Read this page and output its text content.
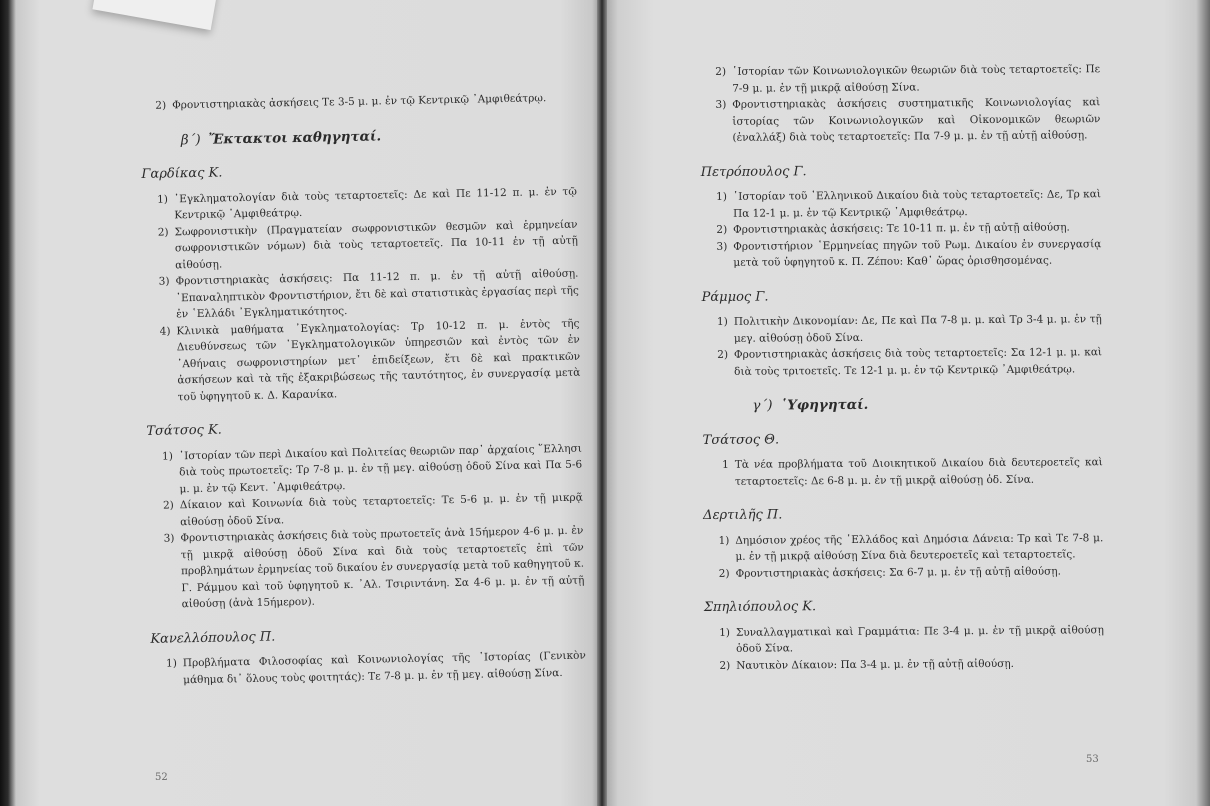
2) Φροντιστηριακὰς ἀσκήσεις Τε 3-5 μ. μ. ἐν τῷ Κεντρικῷ ᾿Αμφιθεάτρῳ.
β΄) Ἔκτακτοι καθηγηταί.
Γαρδίκας Κ.
1) ᾿Εγκληματολογίαν διὰ τοὺς τεταρτοετεῖς: Δε καὶ Πε 11-12 π. μ. ἐν τῷ Κεντρικῷ ᾿Αμφιθεάτρῳ.
2) Σωφρονιστικὴν (Πραγματείαν σωφρονιστικῶν θεσμῶν καὶ ἑρμηνείαν σωφρονιστικῶν νόμων) διὰ τοὺς τεταρτοετεῖς. Πα 10-11 ἐν τῇ αὐτῇ αἰθούσῃ.
3) Φροντιστηριακὰς ἀσκήσεις: Πα 11-12 π. μ. ἐν τῇ αὐτῇ αἰθούσῃ. ᾿Επαναληπτικὸν Φροντιστήριον, ἔτι δὲ καὶ στατιστικὰς ἐργασίας περὶ τῆς ἐν ῾Ελλάδι ᾿Εγκληματικότητος.
4) Κλινικὰ μαθήματα ᾿Εγκληματολογίας: Τρ 10-12 π. μ. ἐντὸς τῆς Διευθύνσεως τῶν ᾿Εγκληματολογικῶν ὑπηρεσιῶν καὶ ἐντὸς τῶν ἐν ᾿Αθήναις σωφρονιστηρίων μετ᾿ ἐπιδείξεων, ἔτι δὲ καὶ πρακτικῶν ἀσκήσεων καὶ τὰ τῆς ἐξακριβώσεως τῆς ταυτότητος, ἐν συνεργασίᾳ μετὰ τοῦ ὑφηγητοῦ κ. Δ. Καρανίκα.
Τσάτσος Κ.
1) ῾Ιστορίαν τῶν περὶ Δικαίου καὶ Πολιτείας θεωριῶν παρ᾿ ἀρχαίοις ῞Ελλησι διὰ τοὺς πρωτοετεῖς: Τρ 7-8 μ. μ. ἐν τῇ μεγ. αἰθούσῃ ὁδοῦ Σίνα καὶ Πα 5-6 μ. μ. ἐν τῷ Κεντ. ᾿Αμφιθεάτρῳ.
2) Δίκαιον καὶ Κοινωνία διὰ τοὺς τεταρτοετεῖς: Τε 5-6 μ. μ. ἐν τῇ μικρᾷ αἰθούσῃ ὁδοῦ Σίνα.
3) Φροντιστηριακὰς ἀσκήσεις διὰ τοὺς πρωτοετεῖς ἀνὰ 15ήμερον 4-6 μ. μ. ἐν τῇ μικρᾷ αἰθούσῃ ὁδοῦ Σίνα καὶ διὰ τοὺς τεταρτοετεῖς ἐπὶ τῶν προβλημάτων ἑρμηνείας τοῦ δικαίου ἐν συνεργασίᾳ μετὰ τοῦ καθηγητοῦ κ. Γ. Ράμμου καὶ τοῦ ὑφηγητοῦ κ. ᾿Αλ. Τσιριντάνη. Σα 4-6 μ. μ. ἐν τῇ αὐτῇ αἰθούσῃ (ἀνὰ 15ήμερον).
Κανελλόπουλος Π.
1) Προβλήματα Φιλοσοφίας καὶ Κοινωνιολογίας τῆς ῾Ιστορίας (Γενικὸν μάθημα δι᾿ ὅλους τοὺς φοιτητάς): Τε 7-8 μ. μ. ἐν τῇ μεγ. αἰθούσῃ Σίνα.
2) ῾Ιστορίαν τῶν Κοινωνιολογικῶν θεωριῶν διὰ τοὺς τεταρτοετεῖς: Πε 7-9 μ. μ. ἐν τῇ μικρᾷ αἰθούσῃ Σίνα.
3) Φροντιστηριακὰς ἀσκήσεις συστηματικῆς Κοινωνιολογίας καὶ ἱστορίας τῶν Κοινωνιολογικῶν καὶ Οἰκονομικῶν θεωριῶν (ἐναλλάξ) διὰ τοὺς τεταρτοετεῖς: Πα 7-9 μ. μ. ἐν τῇ αὐτῇ αἰθούσῃ.
Πετρόπουλος Γ.
1) ῾Ιστορίαν τοῦ ῾Ελληνικοῦ Δικαίου διὰ τοὺς τεταρτοετεῖς: Δε, Τρ καὶ Πα 12-1 μ. μ. ἐν τῷ Κεντρικῷ ᾿Αμφιθεάτρῳ.
2) Φροντιστηριακὰς ἀσκήσεις: Τε 10-11 π. μ. ἐν τῇ αὐτῇ αἰθούσῃ.
3) Φροντιστήριον ῾Ερμηνείας πηγῶν τοῦ Ρωμ. Δικαίου ἐν συνεργασίᾳ μετὰ τοῦ ὑφηγητοῦ κ. Π. Ζέπου: Καθ᾿ ὥρας ὁρισθησομένας.
Ράμμος Γ.
1) Πολιτικὴν Δικονομίαν: Δε, Πε καὶ Πα 7-8 μ. μ. καὶ Τρ 3-4 μ. μ. ἐν τῇ μεγ. αἰθούσῃ ὁδοῦ Σίνα.
2) Φροντιστηριακὰς ἀσκήσεις διὰ τοὺς τεταρτοετεῖς: Σα 12-1 μ. μ. καὶ διὰ τοὺς τριτοετεῖς. Τε 12-1 μ. μ. ἐν τῷ Κεντρικῷ ᾿Αμφιθεάτρῳ.
γ΄) ῾Υφηγηταί.
Τσάτσος Θ.
1 Τὰ νέα προβλήματα τοῦ Διοικητικοῦ Δικαίου διὰ δευτεροετεῖς καὶ τεταρτοετεῖς: Δε 6-8 μ. μ. ἐν τῇ μικρᾷ αἰθούσῃ ὁδ. Σίνα.
Δερτιλῆς Π.
1) Δημόσιον χρέος τῆς ῾Ελλάδος καὶ Δημόσια Δάνεια: Τρ καὶ Τε 7-8 μ. μ. ἐν τῇ μικρᾷ αἰθούσῃ Σίνα διὰ δευτεροετεῖς καὶ τεταρτοετεῖς.
2) Φροντιστηριακὰς ἀσκήσεις: Σα 6-7 μ. μ. ἐν τῇ αὐτῇ αἰθούσῃ.
Σπηλιόπουλος Κ.
1) Συναλλαγματικαὶ καὶ Γραμμάτια: Πε 3-4 μ. μ. ἐν τῇ μικρᾷ αἰθούσῃ ὁδοῦ Σίνα.
2) Ναυτικὸν Δίκαιον: Πα 3-4 μ. μ. ἐν τῇ αὐτῇ αἰθούσῃ.
52
53
